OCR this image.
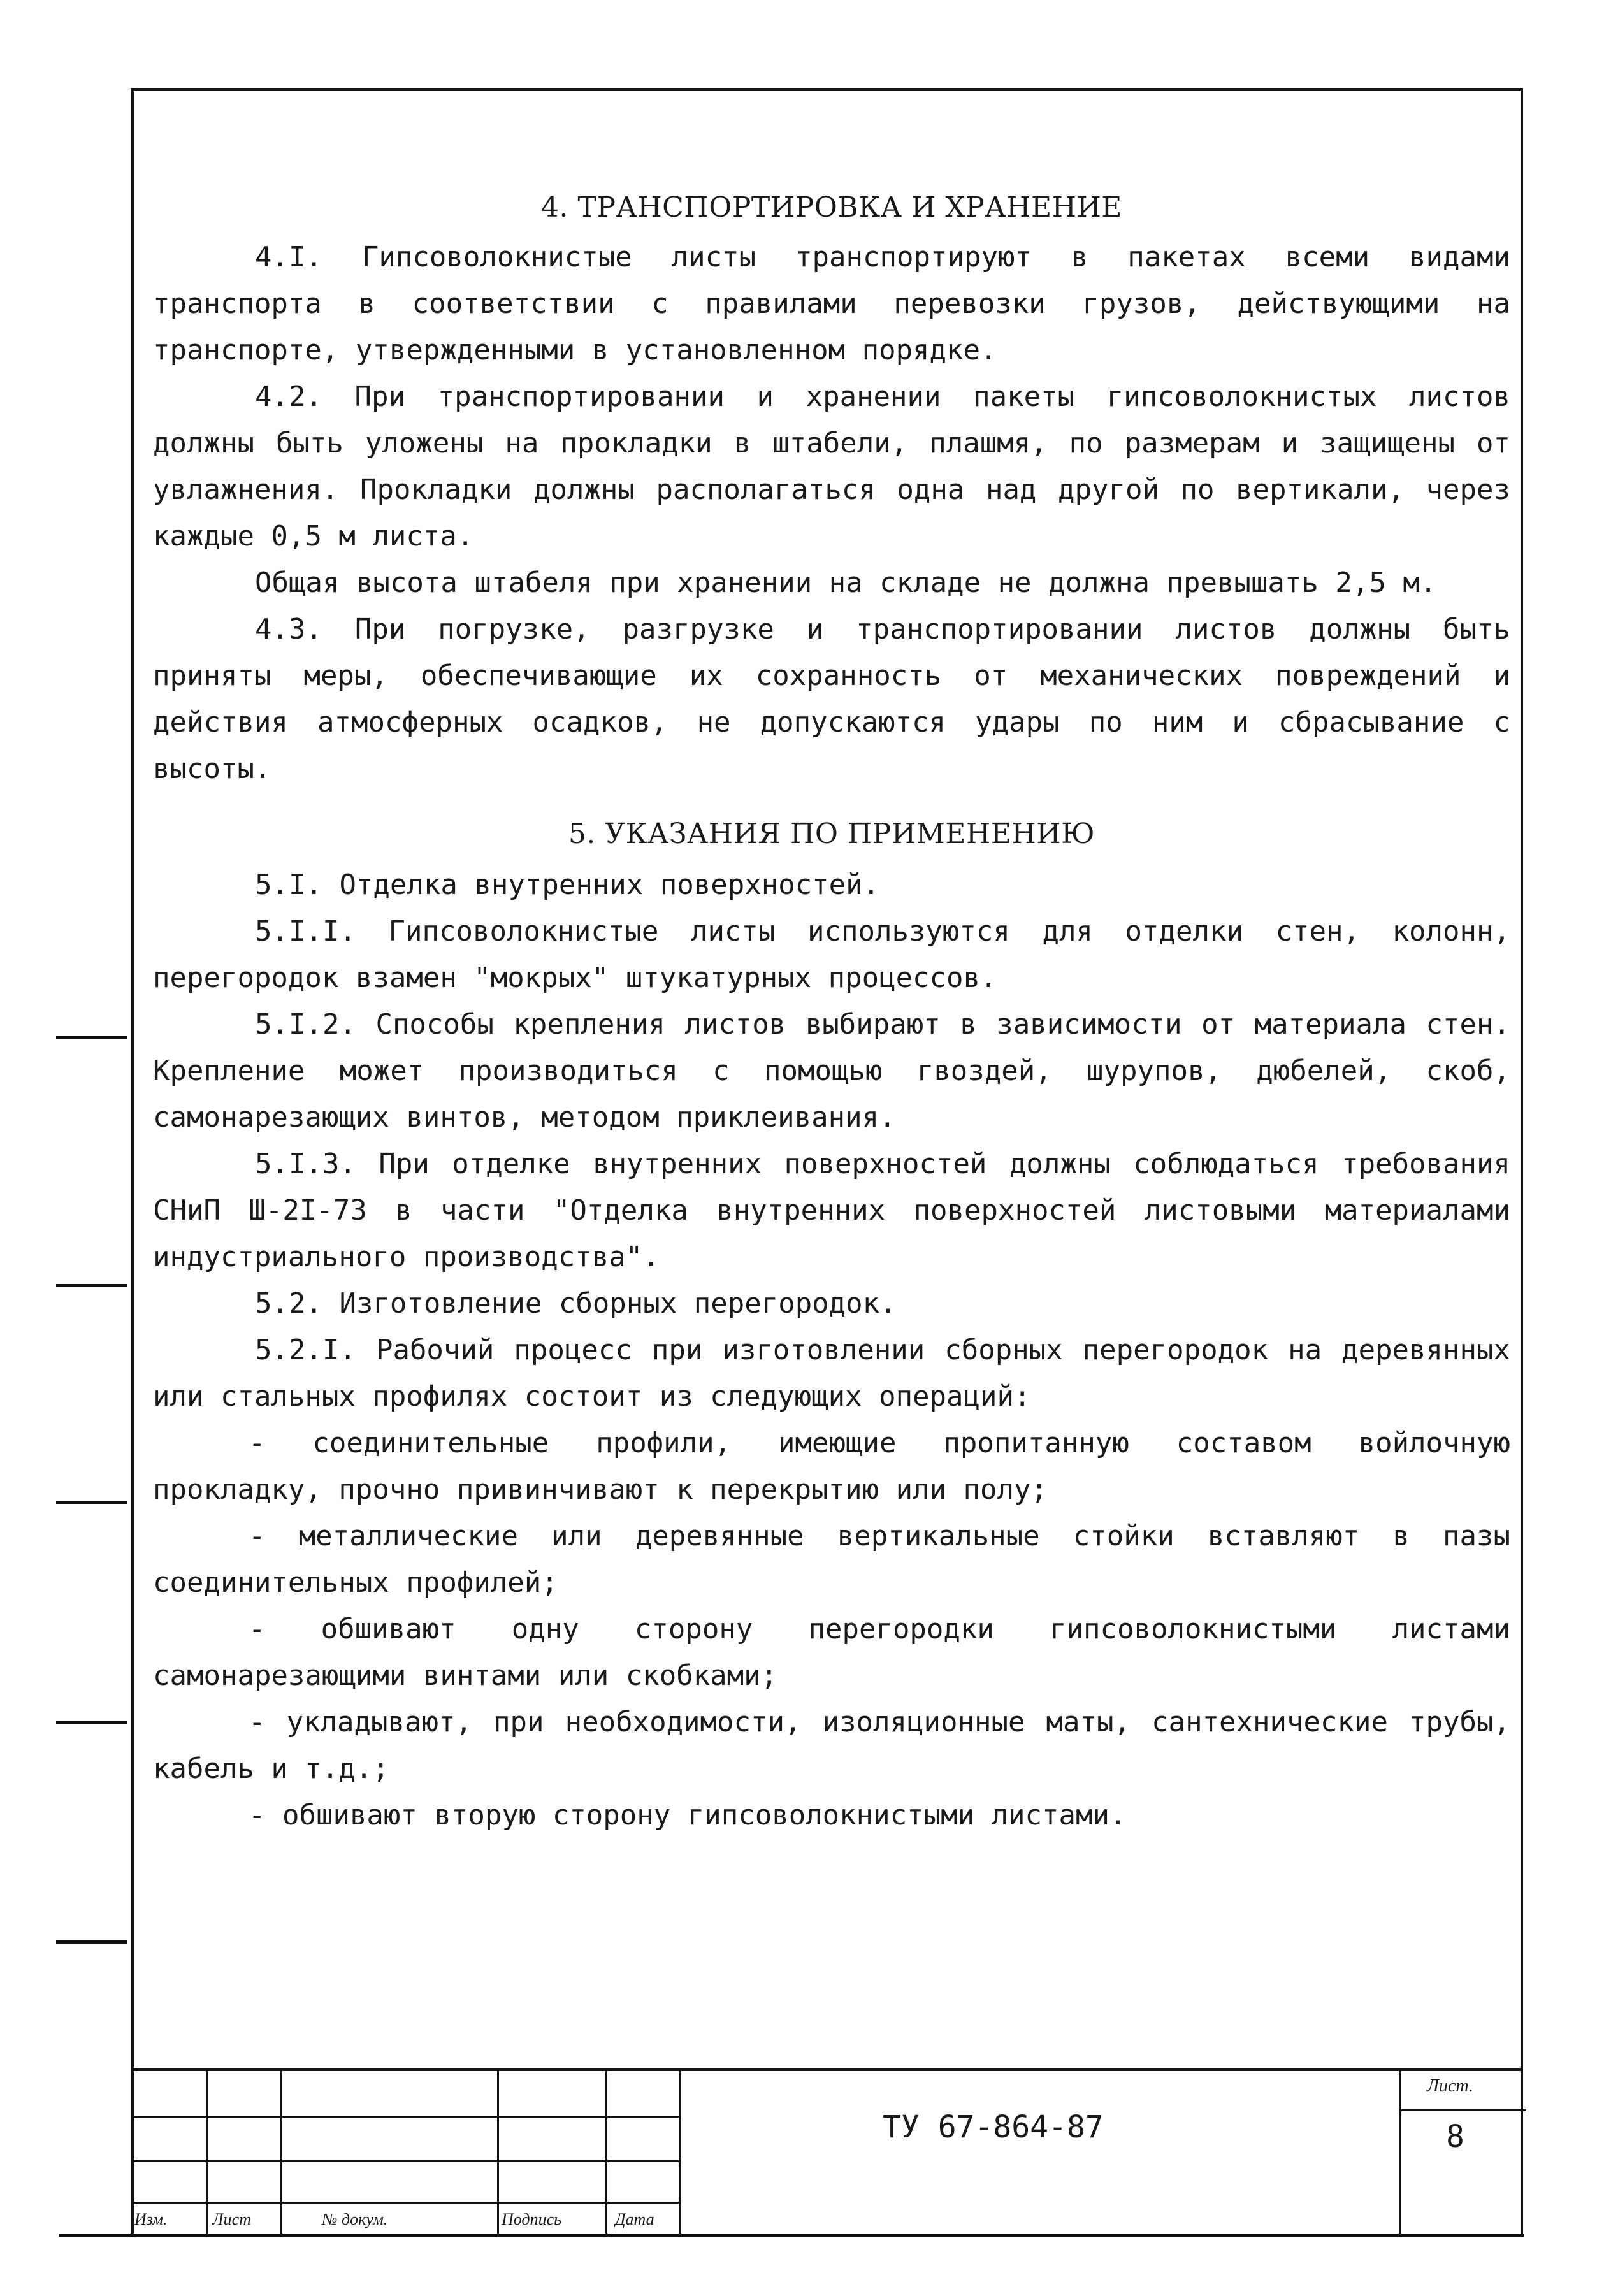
4. ТРАНСПОРТИРОВКА И ХРАНЕНИЕ

4.I. Гипсоволокнистые листы транспортируют в пакетах всеми видами транспорта в соответствии с правилами перевозки грузов, действующими на транспорте, утвержденными в установленном порядке.

4.2. При транспортировании и хранении пакеты гипсоволокнистых листов должны быть уложены на прокладки в штабели, плашмя, по размерам и защищены от увлажнения. Прокладки должны располагаться одна над другой по вертикали, через каждые 0,5 м листа.

Общая высота штабеля при хранении на складе не должна превышать 2,5 м.

4.3. При погрузке, разгрузке и транспортировании листов должны быть приняты меры, обеспечивающие их сохранность от механических повреждений и действия атмосферных осадков, не допускаются удары по ним и сбрасывание с высоты.

5. УКАЗАНИЯ ПО ПРИМЕНЕНИЮ

5.I. Отделка внутренних поверхностей.

5.I.I. Гипсоволокнистые листы используются для отделки стен, колонн, перегородок взамен "мокрых" штукатурных процессов.

5.I.2. Способы крепления листов выбирают в зависимости от материала стен. Крепление может производиться с помощью гвоздей, шурупов, дюбелей, скоб, самонарезающих винтов, методом приклеивания.

5.I.3. При отделке внутренних поверхностей должны соблюдаться требования СНиП Ш-2I-73 в части "Отделка внутренних поверхностей листовыми материалами индустриального производства".

5.2. Изготовление сборных перегородок.

5.2.I. Рабочий процесс при изготовлении сборных перегородок на деревянных или стальных профилях состоит из следующих операций:

- соединительные профили, имеющие пропитанную составом войлочную прокладку, прочно привинчивают к перекрытию или полу;

- металлические или деревянные вертикальные стойки вставляют в пазы соединительных профилей;

- обшивают одну сторону перегородки гипсоволокнистыми листами самонарезающими винтами или скобками;

- укладывают, при необходимости, изоляционные маты, сантехнические трубы, кабель и т.д.;

- обшивают вторую сторону гипсоволокнистыми листами.

Изм.	Лист	№ докум.	Подпись	Дата
ТУ 67-864-87
Лист.
8
